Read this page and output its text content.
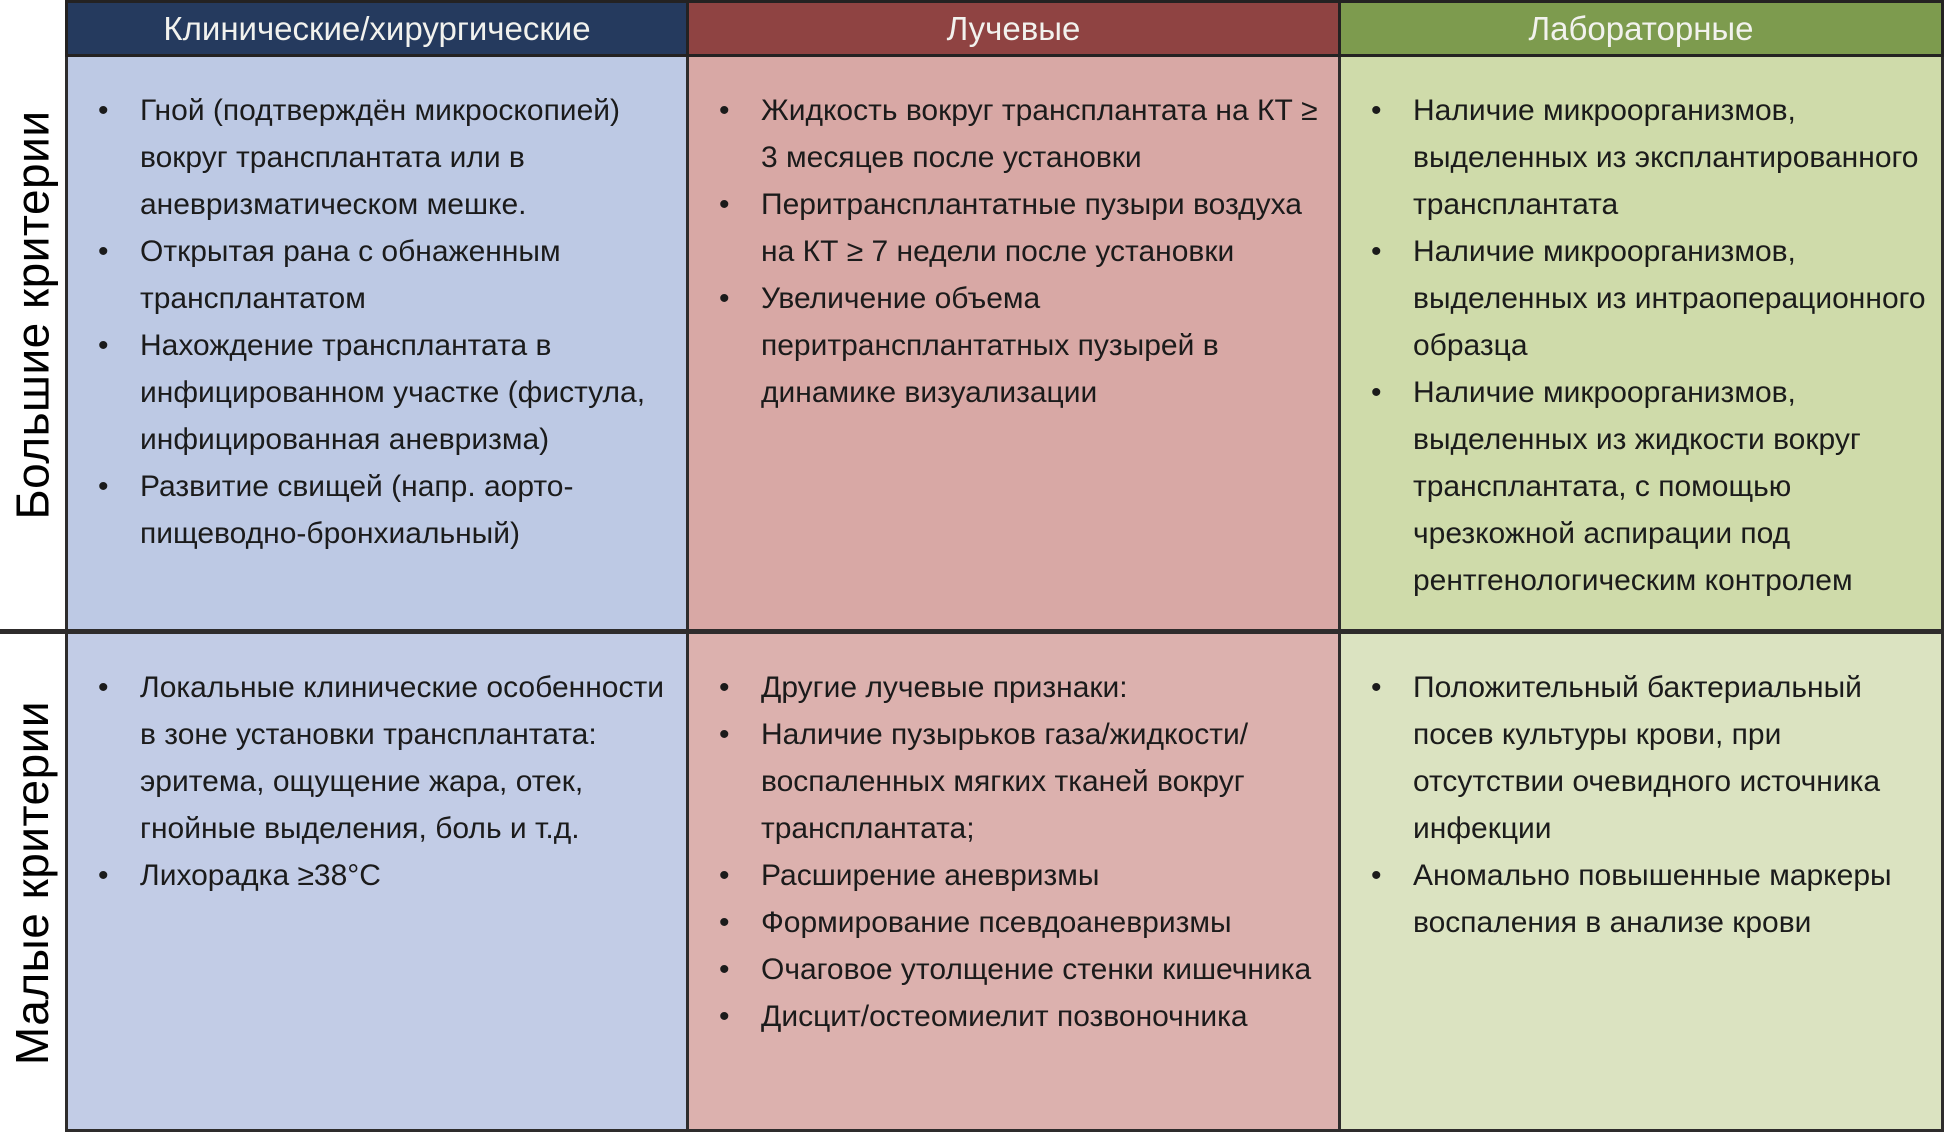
Большие критерии
Малые критерии
Клинические/хирургические	Лучевые	Лабораторные
• Гной (подтверждён микроскопией) вокруг трансплантата или в аневризматическом мешке.
• Открытая рана с обнаженным трансплантатом
• Нахождение трансплантата в инфицированном участке (фистула, инфицированная аневризма)
• Развитие свищей (напр. аорто-пищеводно-бронхиальный)
• Жидкость вокруг трансплантата на КТ ≥ 3 месяцев после установки
• Перитрансплантатные пузыри воздуха на КТ ≥ 7 недели после установки
• Увеличение объема перитрансплантатных пузырей в динамике визуализации
• Наличие микроорганизмов, выделенных из эксплантированного трансплантата
• Наличие микроорганизмов, выделенных из интраоперационного образца
• Наличие микроорганизмов, выделенных из жидкости вокруг трансплантата, с помощью чрезкожной аспирации под рентгенологическим контролем
• Локальные клинические особенности в зоне установки трансплантата: эритема, ощущение жара, отек, гнойные выделения, боль и т.д.
• Лихорадка ≥38°C
• Другие лучевые признаки:
• Наличие пузырьков газа/жидкости/воспаленных мягких тканей вокруг трансплантата;
• Расширение аневризмы
• Формирование псевдоаневризмы
• Очаговое утолщение стенки кишечника
• Дисцит/остеомиелит позвоночника
• Положительный бактериальный посев культуры крови, при отсутствии очевидного источника инфекции
• Аномально повышенные маркеры воспаления в анализе крови
